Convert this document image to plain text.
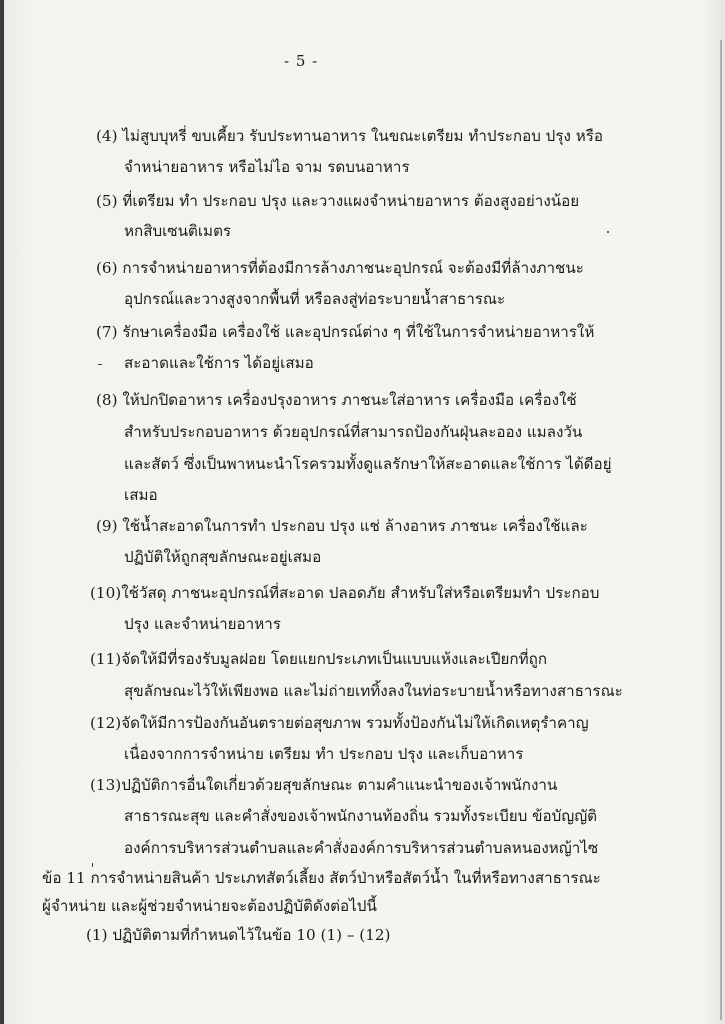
- 5 -
(4) ไม่สูบบุหรี่ ขบเคี้ยว รับประทานอาหาร ในขณะเตรียม ทำประกอบ ปรุง หรือ
จำหน่ายอาหาร หรือไม่ไอ จาม รดบนอาหาร
(5) ที่เตรียม ทำ ประกอบ ปรุง และวางแผงจำหน่ายอาหาร ต้องสูงอย่างน้อย
หกสิบเซนติเมตร
(6) การจำหน่ายอาหารที่ต้องมีการล้างภาชนะอุปกรณ์ จะต้องมีที่ล้างภาชนะ
อุปกรณ์และวางสูงจากพื้นที่ หรือลงสู่ท่อระบายน้ำสาธารณะ
(7) รักษาเครื่องมือ เครื่องใช้ และอุปกรณ์ต่าง ๆ ที่ใช้ในการจำหน่ายอาหารให้
สะอาดและใช้การ ได้อยู่เสมอ
(8) ให้ปกปิดอาหาร เครื่องปรุงอาหาร ภาชนะใส่อาหาร เครื่องมือ เครื่องใช้
สำหรับประกอบอาหาร ด้วยอุปกรณ์ที่สามารถป้องกันฝุ่นละออง แมลงวัน
และสัตว์ ซึ่งเป็นพาหนะนำโรครวมทั้งดูแลรักษาให้สะอาดและใช้การ ได้ดีอยู่
เสมอ
(9) ใช้น้ำสะอาดในการทำ ประกอบ ปรุง แช่ ล้างอาหร ภาชนะ เครื่องใช้และ
ปฏิบัติให้ถูกสุขลักษณะอยู่เสมอ
(10)ใช้วัสดุ ภาชนะอุปกรณ์ที่สะอาด ปลอดภัย สำหรับใส่หรือเตรียมทำ ประกอบ
ปรุง และจำหน่ายอาหาร
(11)จัดให้มีที่รองรับมูลฝอย โดยแยกประเภทเป็นแบบแห้งและเปียกที่ถูก
สุขลักษณะไว้ให้เพียงพอ และไม่ถ่ายเททิ้งลงในท่อระบายน้ำหรือทางสาธารณะ
(12)จัดให้มีการป้องกันอันตรายต่อสุขภาพ รวมทั้งป้องกันไม่ให้เกิดเหตุรำคาญ
เนื่องจากการจำหน่าย เตรียม ทำ ประกอบ ปรุง และเก็บอาหาร
(13)ปฏิบัติการอื่นใดเกี่ยวด้วยสุขลักษณะ ตามคำแนะนำของเจ้าพนักงาน
สาธารณะสุข และคำสั่งของเจ้าพนักงานท้องถิ่น รวมทั้งระเบียบ ข้อบัญญัติ
องค์การบริหารส่วนตำบลและคำสั่งองค์การบริหารส่วนตำบลหนองหญ้าไซ
ข้อ 11 การจำหน่ายสินค้า ประเภทสัตว์เลี้ยง สัตว์ป่าหรือสัตว์น้ำ ในที่หรือทางสาธารณะ
ผู้จำหน่าย และผู้ช่วยจำหน่ายจะต้องปฏิบัติดังต่อไปนี้
(1) ปฏิบัติตามที่กำหนดไว้ในข้อ 10 (1) – (12)
